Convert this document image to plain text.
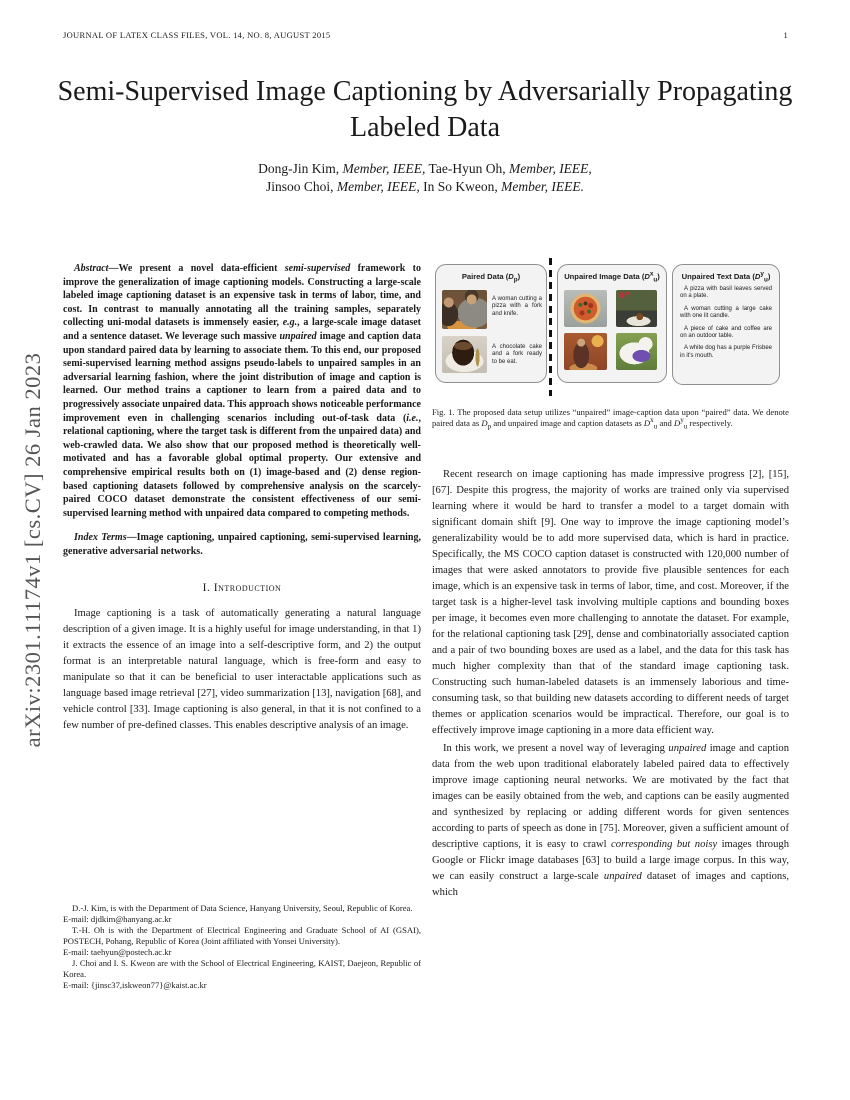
JOURNAL OF LATEX CLASS FILES, VOL. 14, NO. 8, AUGUST 2015	1
arXiv:2301.11174v1 [cs.CV] 26 Jan 2023
Semi-Supervised Image Captioning by Adversarially Propagating Labeled Data
Dong-Jin Kim, Member, IEEE, Tae-Hyun Oh, Member, IEEE,
Jinsoo Choi, Member, IEEE, In So Kweon, Member, IEEE.

Abstract—We present a novel data-efficient semi-supervised framework to improve the generalization of image captioning models. Constructing a large-scale labeled image captioning dataset is an expensive task in terms of labor, time, and cost. In contrast to manually annotating all the training samples, separately collecting uni-modal datasets is immensely easier, e.g., a large-scale image dataset and a sentence dataset. We leverage such massive unpaired image and caption data upon standard paired data by learning to associate them. To this end, our proposed semi-supervised learning method assigns pseudo-labels to unpaired samples in an adversarial learning fashion, where the joint distribution of image and caption is learned. Our method trains a captioner to learn from a paired data and to progressively associate unpaired data. This approach shows noticeable performance improvement even in challenging scenarios including out-of-task data (i.e., relational captioning, where the target task is different from the unpaired data) and web-crawled data. We also show that our proposed method is theoretically well-motivated and has a favorable global optimal property. Our extensive and comprehensive empirical results both on (1) image-based and (2) dense region-based captioning datasets followed by comprehensive analysis on the scarcely-paired COCO dataset demonstrate the consistent effectiveness of our semi-supervised learning method with unpaired data compared to competing methods.

Index Terms—Image captioning, unpaired captioning, semi-supervised learning, generative adversarial networks.

I. Introduction

Image captioning is a task of automatically generating a natural language description of a given image. It is a highly useful for image understanding, in that 1) it extracts the essence of an image into a self-descriptive form, and 2) the output format is an interpretable natural language, which is free-form and easy to manipulate so that it can be beneficial to user interactable applications such as language based image retrieval [27], video summarization [13], navigation [68], and vehicle control [33]. Image captioning is also general, in that it is not confined to a few number of pre-defined classes. This enables descriptive analysis of an image.

D.-J. Kim, is with the Department of Data Science, Hanyang University, Seoul, Republic of Korea.

E-mail: djdkim@hanyang.ac.kr

T.-H. Oh is with the Department of Electrical Engineering and Graduate School of AI (GSAI), POSTECH, Pohang, Republic of Korea (Joint affiliated with Yonsei University).

E-mail: taehyun@postech.ac.kr

J. Choi and I. S. Kweon are with the School of Electrical Engineering, KAIST, Daejeon, Republic of Korea.

E-mail: {jinsc37,iskweon77}@kaist.ac.kr

Paired Data $(D_p)$
A woman cutting a pizza with a fork and knife.
A chocolate cake and a fork ready to be eat.
Unpaired Image Data $(D^x_u)$	Unpaired Text Data $(D^y_u)$
A pizza with basil leaves served on a plate.
A woman cutting a large cake with one lit candle.
A piece of cake and coffee are on an outdoor table.
A white dog has a purple Frisbee in it's mouth.

Fig. 1. The proposed data setup utilizes “unpaired” image-caption data upon “paired” data. We denote paired data as $D_p$ and unpaired image and caption datasets as $D^x_u$ and $D^y_u$ respectively.

Recent research on image captioning has made impressive progress [2], [15], [67]. Despite this progress, the majority of works are trained only via supervised learning where it would be hard to transfer a model to a target domain with significant domain shift [9]. One way to improve the image captioning model’s generalizability would be to add more supervised data, which is hard in practice. Specifically, the MS COCO caption dataset is constructed with 120,000 number of images that were asked annotators to provide five plausible sentences for each image, which is an expensive task in terms of labor, time, and cost. Moreover, if the target task is a higher-level task involving multiple captions and bounding boxes per image, it becomes even more challenging to annotate the dataset. For example, for the relational captioning task [29], dense and combinatorially associated caption and a pair of two bounding boxes are used as a label, and the data for this task has much higher complexity than that of the standard image captioning task. Constructing such human-labeled datasets is an immensely laborious and time-consuming task, so that building new datasets according to different needs of target themes or application scenarios would be impractical. Therefore, our goal is to effectively improve image captioning in a more data efficient way.

In this work, we present a novel way of leveraging unpaired image and caption data from the web upon traditional elaborately labeled paired data to effectively improve image captioning neural networks. We are motivated by the fact that images can be easily obtained from the web, and captions can be easily augmented and synthesized by replacing or adding different words for given sentences according to parts of speech as done in [75]. Moreover, given a sufficient amount of descriptive captions, it is easy to crawl corresponding but noisy images through Google or Flickr image databases [63] to build a large image corpus. In this way, we can easily construct a large-scale unpaired dataset of images and captions, which
